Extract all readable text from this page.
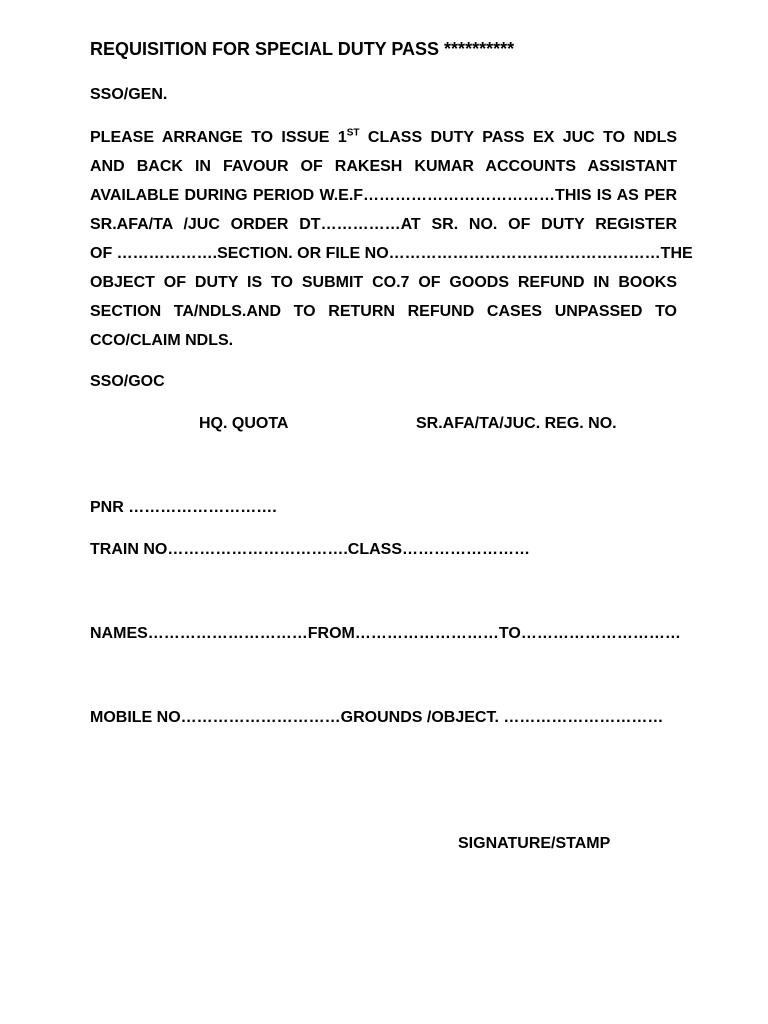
REQUISITION FOR SPECIAL DUTY PASS **********
SSO/GEN.
PLEASE ARRANGE TO ISSUE 1ST CLASS DUTY PASS EX JUC TO NDLS
AND BACK IN FAVOUR OF RAKESH KUMAR ACCOUNTS ASSISTANT
AVAILABLE DURING PERIOD W.E.F………………………………THIS IS AS PER
SR.AFA/TA /JUC ORDER DT……………AT SR. NO. OF DUTY REGISTER
OF ……………….SECTION. OR FILE NO……………………………………………THE
OBJECT OF DUTY IS TO SUBMIT CO.7 OF GOODS REFUND IN BOOKS
SECTION TA/NDLS.AND TO RETURN REFUND CASES UNPASSED TO
CCO/CLAIM NDLS.
SSO/GOC
HQ. QUOTA	SR.AFA/TA/JUC. REG. NO.
PNR ……………………….
TRAIN NO…………………………….CLASS……………………
NAMES…………………………FROM………………………TO…………………………
MOBILE NO…………………………GROUNDS /OBJECT. …………………………
SIGNATURE/STAMP
